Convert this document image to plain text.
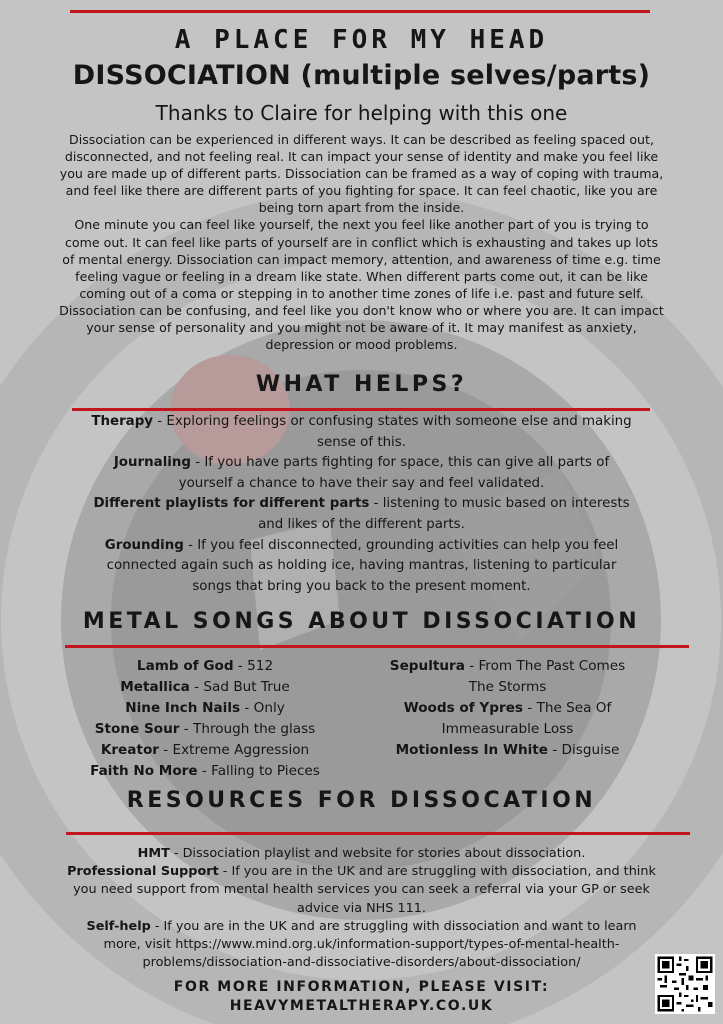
A PLACE FOR MY HEAD
DISSOCIATION (multiple selves/parts)
Thanks to Claire for helping with this one
Dissociation can be experienced in different ways. It can be described as feeling spaced out,
disconnected, and not feeling real. It can impact your sense of identity and make you feel like
you are made up of different parts. Dissociation can be framed as a way of coping with trauma,
and feel like there are different parts of you fighting for space. It can feel chaotic, like you are
being torn apart from the inside.
One minute you can feel like yourself, the next you feel like another part of you is trying to
come out. It can feel like parts of yourself are in conflict which is exhausting and takes up lots
of mental energy. Dissociation can impact memory, attention, and awareness of time e.g. time
feeling vague or feeling in a dream like state. When different parts come out, it can be like
coming out of a coma or stepping in to another time zones of life i.e. past and future self.
Dissociation can be confusing, and feel like you don't know who or where you are. It can impact
your sense of personality and you might not be aware of it. It may manifest as anxiety,
depression or mood problems.
WHAT HELPS?
Therapy - Exploring feelings or confusing states with someone else and making
sense of this.
Journaling - If you have parts fighting for space, this can give all parts of
yourself a chance to have their say and feel validated.
Different playlists for different parts - listening to music based on interests
and likes of the different parts.
Grounding - If you feel disconnected, grounding activities can help you feel
connected again such as holding ice, having mantras, listening to particular
songs that bring you back to the present moment.
METAL SONGS ABOUT DISSOCIATION
Lamb of God - 512
Metallica - Sad But True
Nine Inch Nails - Only
Stone Sour - Through the glass
Kreator - Extreme Aggression
Faith No More - Falling to Pieces
Sepultura - From The Past Comes
The Storms
Woods of Ypres - The Sea Of
Immeasurable Loss
Motionless In White - Disguise
RESOURCES FOR DISSOCATION
HMT - Dissociation playlist and website for stories about dissociation.
Professional Support - If you are in the UK and are struggling with dissociation, and think
you need support from mental health services you can seek a referral via your GP or seek
advice via NHS 111.
Self-help - If you are in the UK and are struggling with dissociation and want to learn
more, visit https://www.mind.org.uk/information-support/types-of-mental-health-
problems/dissociation-and-dissociative-disorders/about-dissociation/
FOR MORE INFORMATION, PLEASE VISIT:
HEAVYMETALTHERAPY.CO.UK
